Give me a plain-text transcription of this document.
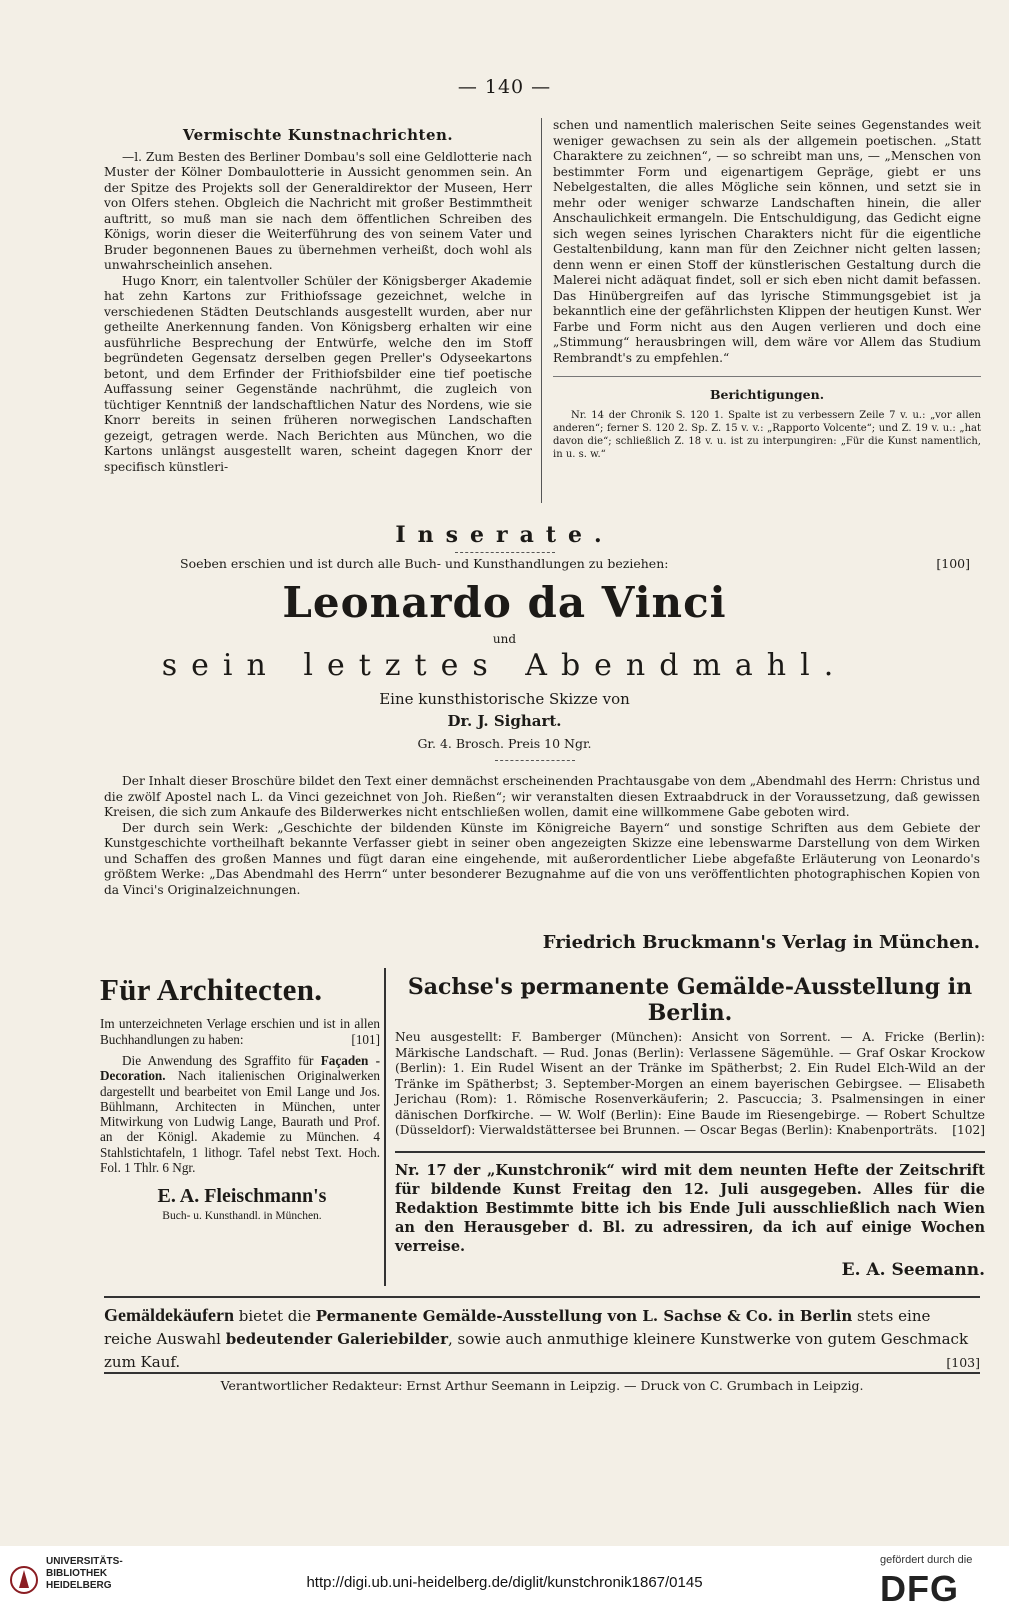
— 140 —
Vermischte Kunstnachrichten.

—l. Zum Besten des Berliner Dombau's soll eine Geldlotterie nach Muster der Kölner Dombaulotterie in Aussicht genommen sein. An der Spitze des Projekts soll der Generaldirektor der Museen, Herr von Olfers stehen. Obgleich die Nachricht mit großer Bestimmtheit auftritt, so muß man sie nach dem öffentlichen Schreiben des Königs, worin dieser die Weiterführung des von seinem Vater und Bruder begonnenen Baues zu übernehmen verheißt, doch wohl als unwahrscheinlich ansehen.

Hugo Knorr, ein talentvoller Schüler der Königsberger Akademie hat zehn Kartons zur Frithiofssage gezeichnet, welche in verschiedenen Städten Deutschlands ausgestellt wurden, aber nur getheilte Anerkennung fanden. Von Königsberg erhalten wir eine ausführliche Besprechung der Entwürfe, welche den im Stoff begründeten Gegensatz derselben gegen Preller's Odyseekartons betont, und dem Erfinder der Frithiofsbilder eine tief poetische Auffassung seiner Gegenstände nachrühmt, die zugleich von tüchtiger Kenntniß der landschaftlichen Natur des Nordens, wie sie Knorr bereits in seinen früheren norwegischen Landschaften gezeigt, getragen werde. Nach Berichten aus München, wo die Kartons unlängst ausgestellt waren, scheint dagegen Knorr der specifisch künstleri-

schen und namentlich malerischen Seite seines Gegenstandes weit weniger gewachsen zu sein als der allgemein poetischen. „Statt Charaktere zu zeichnen“, — so schreibt man uns, — „Menschen von bestimmter Form und eigenartigem Gepräge, giebt er uns Nebelgestalten, die alles Mögliche sein können, und setzt sie in mehr oder weniger schwarze Landschaften hinein, die aller Anschaulichkeit ermangeln. Die Entschuldigung, das Gedicht eigne sich wegen seines lyrischen Charakters nicht für die eigentliche Gestaltenbildung, kann man für den Zeichner nicht gelten lassen; denn wenn er einen Stoff der künstlerischen Gestaltung durch die Malerei nicht adäquat findet, soll er sich eben nicht damit befassen. Das Hinübergreifen auf das lyrische Stimmungsgebiet ist ja bekanntlich eine der gefährlichsten Klippen der heutigen Kunst. Wer Farbe und Form nicht aus den Augen verlieren und doch eine „Stimmung“ herausbringen will, dem wäre vor Allem das Studium Rembrandt's zu empfehlen.“

Berichtigungen.

Nr. 14 der Chronik S. 120 1. Spalte ist zu verbessern Zeile 7 v. u.: „vor allen anderen“; ferner S. 120 2. Sp. Z. 15 v. v.: „Rapporto Volcente“; und Z. 19 v. u.: „hat davon die“; schließlich Z. 18 v. u. ist zu interpungiren: „Für die Kunst namentlich, in u. s. w.“

Inserate.
Soeben erschien und ist durch alle Buch- und Kunsthandlungen zu beziehen:	[100]
Leonardo da Vinci
und
sein letztes Abendmahl.
Eine kunsthistorische Skizze von
Dr. J. Sighart.
Gr. 4. Brosch. Preis 10 Ngr.

Der Inhalt dieser Broschüre bildet den Text einer demnächst erscheinenden Prachtausgabe von dem „Abendmahl des Herrn: Christus und die zwölf Apostel nach L. da Vinci gezeichnet von Joh. Rießen“; wir veranstalten diesen Extraabdruck in der Voraussetzung, daß gewissen Kreisen, die sich zum Ankaufe des Bilderwerkes nicht entschließen wollen, damit eine willkommene Gabe geboten wird.

Der durch sein Werk: „Geschichte der bildenden Künste im Königreiche Bayern“ und sonstige Schriften aus dem Gebiete der Kunstgeschichte vortheilhaft bekannte Verfasser giebt in seiner oben angezeigten Skizze eine lebenswarme Darstellung von dem Wirken und Schaffen des großen Mannes und fügt daran eine eingehende, mit außerordentlicher Liebe abgefaßte Erläuterung von Leonardo's größtem Werke: „Das Abendmahl des Herrn“ unter besonderer Bezugnahme auf die von uns veröffentlichten photographischen Kopien von da Vinci's Originalzeichnungen.

Friedrich Bruckmann's Verlag in München.
Für Architecten.
Im unterzeichneten Verlage erschien und ist in allen Buchhandlungen zu haben:	[101]
Die Anwendung des Sgraffito für Façaden - Decoration. Nach italienischen Originalwerken dargestellt und bearbeitet von Emil Lange und Jos. Bühlmann, Architecten in München, unter Mitwirkung von Ludwig Lange, Baurath und Prof. an der Königl. Akademie zu München. 4 Stahlstichtafeln, 1 lithogr. Tafel nebst Text. Hoch. Fol. 1 Thlr. 6 Ngr.
E. A. Fleischmann's
Buch- u. Kunsthandl. in München.
Sachse's permanente Gemälde-Ausstellung in Berlin.
Neu ausgestellt: F. Bamberger (München): Ansicht von Sorrent. — A. Fricke (Berlin): Märkische Landschaft. — Rud. Jonas (Berlin): Verlassene Sägemühle. — Graf Oskar Krockow (Berlin): 1. Ein Rudel Wisent an der Tränke im Spätherbst; 2. Ein Rudel Elch-Wild an der Tränke im Spätherbst; 3. September-Morgen an einem bayerischen Gebirgsee. — Elisabeth Jerichau (Rom): 1. Römische Rosenverkäuferin; 2. Pascuccia; 3. Psalmensingen in einer dänischen Dorfkirche. — W. Wolf (Berlin): Eine Baude im Riesengebirge. — Robert Schultze (Düsseldorf): Vierwaldstättersee bei Brunnen. — Oscar Begas (Berlin): Knabenporträts. [102]
Nr. 17 der „Kunstchronik“ wird mit dem neunten Hefte der Zeitschrift für bildende Kunst Freitag den 12. Juli ausgegeben. Alles für die Redaktion Bestimmte bitte ich bis Ende Juli ausschließlich nach Wien an den Herausgeber d. Bl. zu adressiren, da ich auf einige Wochen verreise.
E. A. Seemann.
Gemäldekäufern bietet die Permanente Gemälde-Ausstellung von L. Sachse & Co. in Berlin stets eine reiche Auswahl bedeutender Galeriebilder, sowie auch anmuthige kleinere Kunstwerke von gutem Geschmack zum Kauf.	[103]
Verantwortlicher Redakteur: Ernst Arthur Seemann in Leipzig. — Druck von C. Grumbach in Leipzig.
UNIVERSITÄTS-
BIBLIOTHEK
HEIDELBERG	http://digi.ub.uni-heidelberg.de/diglit/kunstchronik1867/0145
gefördert durch die
DFG
